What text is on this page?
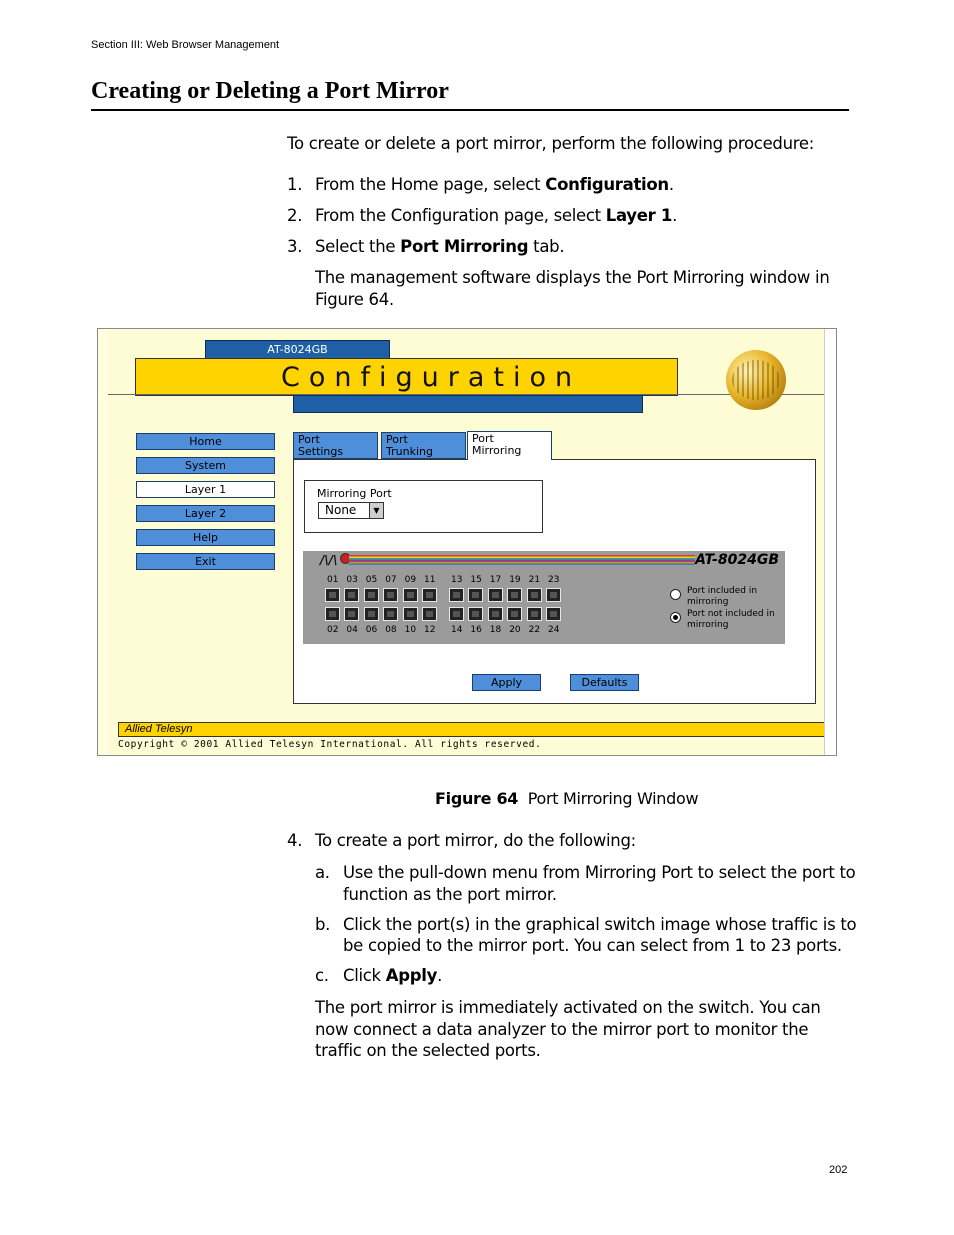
Section III: Web Browser Management
Creating or Deleting a Port Mirror
To create or delete a port mirror, perform the following procedure:
1. From the Home page, select Configuration.
2. From the Configuration page, select Layer 1.
3. Select the Port Mirroring tab.
The management software displays the Port Mirroring window in
Figure 64.
AT-8024GB
Configuration
Home
System
Layer 1
Layer 2
Help
Exit
Port
Settings
Port
Trunking
Mirroring Port
None	▼
/\/\	AT-8024GB
01 03 05 07 09 11
02 04 06 08 10 12
13 15 17 19 21 23
14 16 18 20 22 24
Port included in
mirroring
Port not included in
mirroring
Apply	Defaults
Allied Telesyn
Copyright © 2001 Allied Telesyn International. All rights reserved.
Port
Mirroring
Figure 64 Port Mirroring Window
4. To create a port mirror, do the following:
a. Use the pull-down menu from Mirroring Port to select the port to
function as the port mirror.
b. Click the port(s) in the graphical switch image whose traffic is to
be copied to the mirror port. You can select from 1 to 23 ports.
c. Click Apply.
The port mirror is immediately activated on the switch. You can
now connect a data analyzer to the mirror port to monitor the
traffic on the selected ports.
202
